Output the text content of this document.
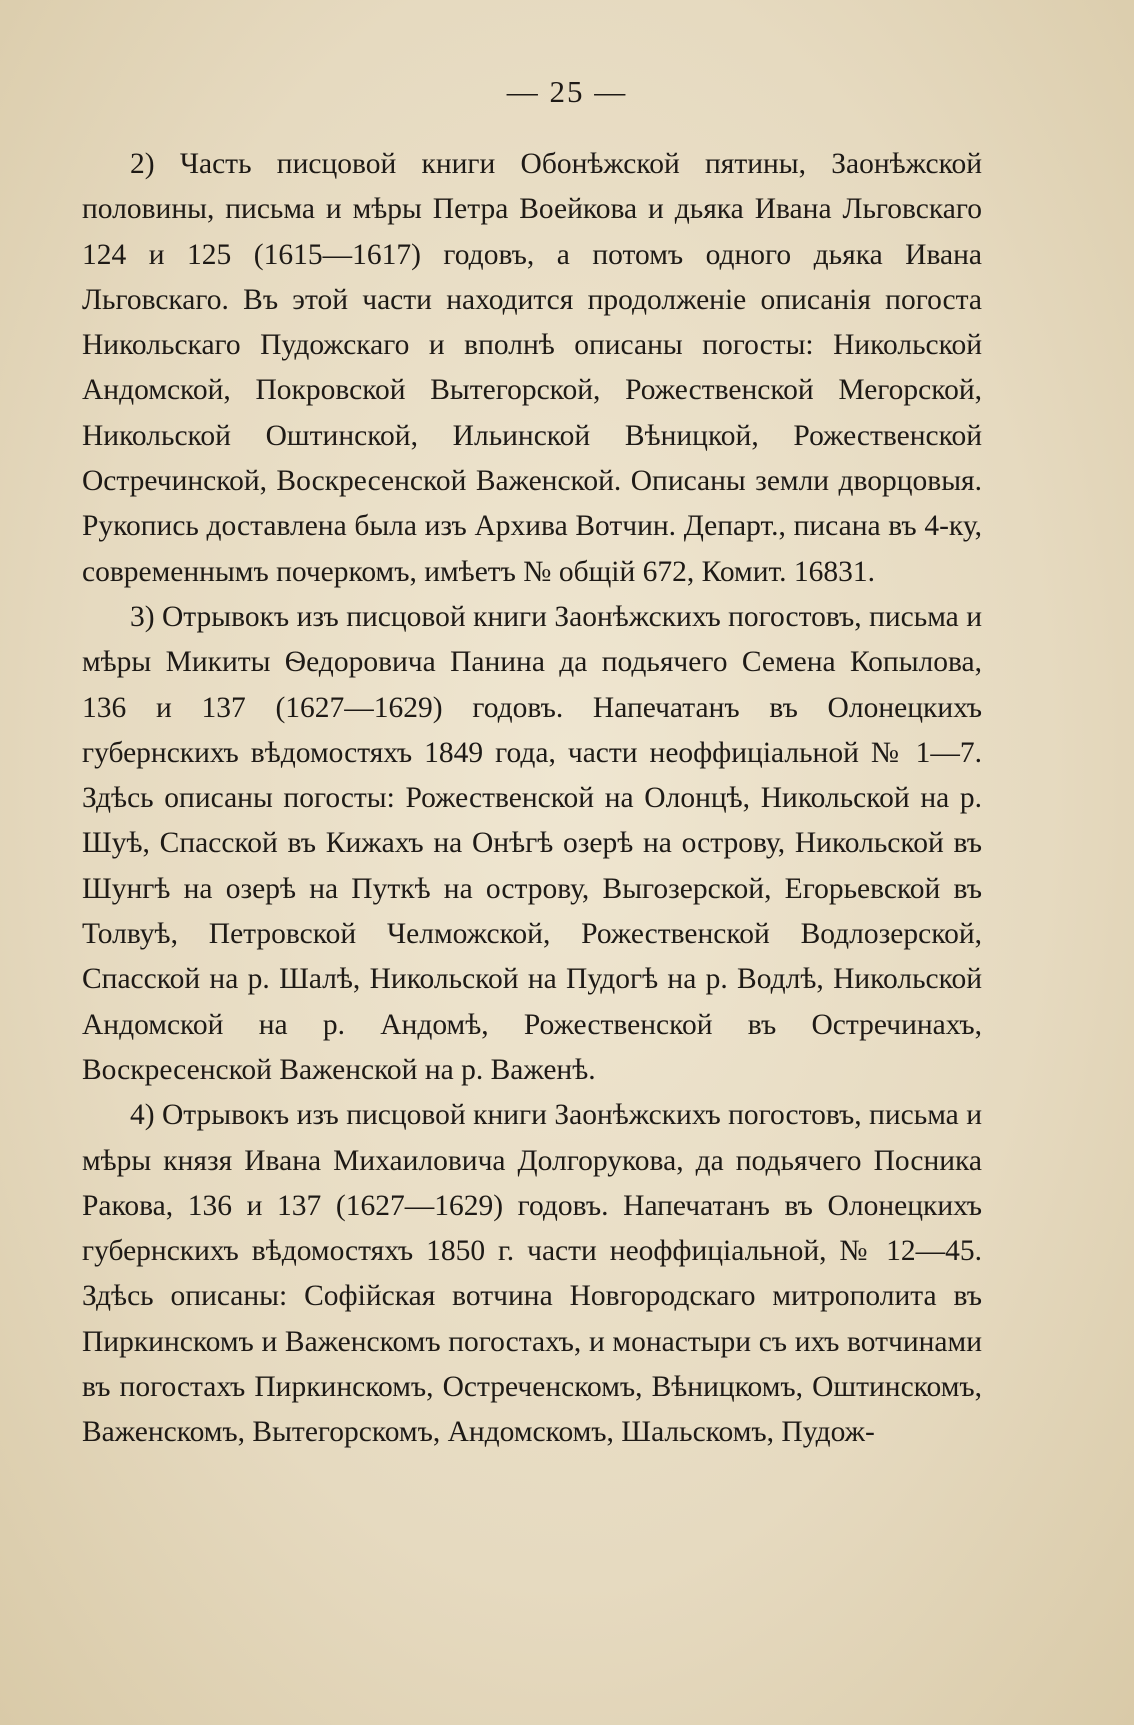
— 25 —

2) Часть писцовой книги Обонѣжской пятины, Заонѣжской половины, письма и мѣры Петра Воейкова и дьяка Ивана Льговскаго 124 и 125 (1615—1617) годовъ, а потомъ одного дьяка Ивана Льговскаго. Въ этой части находится продолженіе описанія погоста Никольскаго Пудожскаго и вполнѣ описаны погосты: Никольской Андомской, Покровской Вытегорской, Рожественской Мегорской, Никольской Оштинской, Ильинской Вѣницкой, Рожественской Остречинской, Воскресенской Важенской. Описаны земли дворцовыя. Рукопись доставлена была изъ Архива Вотчин. Департ., писана въ 4-ку, современнымъ почеркомъ, имѣетъ № общій 672, Комит. 16831.

3) Отрывокъ изъ писцовой книги Заонѣжскихъ погостовъ, письма и мѣры Микиты Ѳедоровича Панина да подьячего Семена Копылова, 136 и 137 (1627—1629) годовъ. Напечатанъ въ Олонецкихъ губернскихъ вѣдомостяхъ 1849 года, части неоффиціальной № 1—7. Здѣсь описаны погосты: Рожественской на Олонцѣ, Никольской на р. Шуѣ, Спасской въ Кижахъ на Онѣгѣ озерѣ на острову, Никольской въ Шунгѣ на озерѣ на Путкѣ на острову, Выгозерской, Егорьевской въ Толвуѣ, Петровской Челможской, Рожественской Водлозерской, Спасской на р. Шалѣ, Никольской на Пудогѣ на р. Водлѣ, Никольской Андомской на р. Андомѣ, Рожественской въ Остречинахъ, Воскресенской Важенской на р. Важенѣ.

4) Отрывокъ изъ писцовой книги Заонѣжскихъ погостовъ, письма и мѣры князя Ивана Михаиловича Долгорукова, да подьячего Посника Ракова, 136 и 137 (1627—1629) годовъ. Напечатанъ въ Олонецкихъ губернскихъ вѣдомостяхъ 1850 г. части неоффиціальной, № 12—45. Здѣсь описаны: Софійская вотчина Новгородскаго митрополита въ Пиркинскомъ и Важенскомъ погостахъ, и монастыри съ ихъ вотчинами въ погостахъ Пиркинскомъ, Остреченскомъ, Вѣницкомъ, Оштинскомъ, Важенскомъ, Вытегорскомъ, Андомскомъ, Шальскомъ, Пудож-
